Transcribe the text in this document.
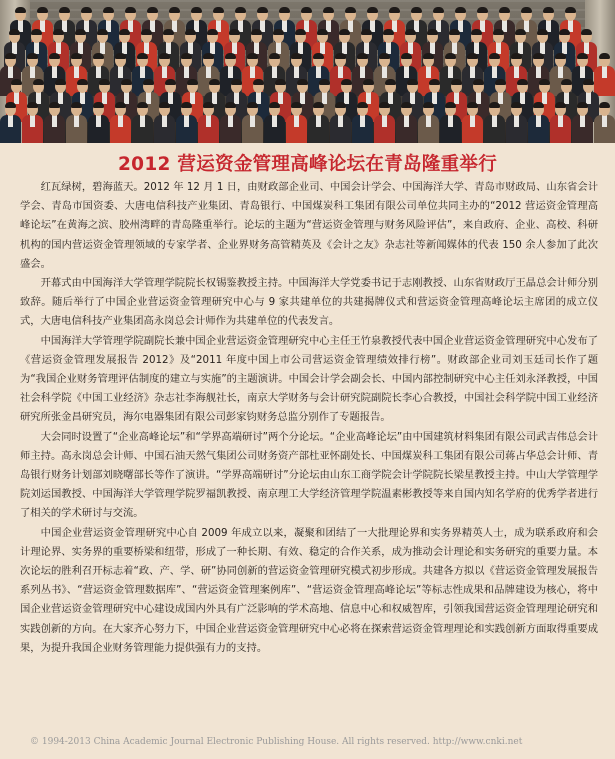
2012 营运资金管理高峰论坛在青岛隆重举行

红瓦绿树，碧海蓝天。2012 年 12 月 1 日，由财政部企业司、中国会计学会、中国海洋大学、青岛市财政局、山东省会计学会、青岛市国资委、大唐电信科技产业集团、青岛银行、中国煤炭科工集团有限公司单位共同主办的“2012 营运资金管理高峰论坛”在黄海之滨、胶州湾畔的青岛隆重举行。论坛的主题为“营运资金管理与财务风险评估”，来自政府、企业、高校、科研机构的国内营运资金管理领域的专家学者、企业界财务高管精英及《会计之友》杂志社等新闻媒体的代表 150 余人参加了此次盛会。

开幕式由中国海洋大学管理学院院长权锡鉴教授主持。中国海洋大学党委书记于志刚教授、山东省财政厅王晶总会计师分别致辞。随后举行了中国企业营运资金管理研究中心与 9 家共建单位的共建揭牌仪式和营运资金管理高峰论坛主席团的成立仪式，大唐电信科技产业集团高永岗总会计师作为共建单位的代表发言。

中国海洋大学管理学院副院长兼中国企业营运资金管理研究中心主任王竹泉教授代表中国企业营运资金管理研究中心发布了《营运资金管理发展报告 2012》及“2011 年度中国上市公司营运资金管理绩效排行榜”。财政部企业司刘玉廷司长作了题为“我国企业财务管理评估制度的建立与实施”的主题演讲。中国会计学会副会长、中国内部控制研究中心主任刘永泽教授，中国社会科学院《中国工业经济》杂志社李海舰社长，南京大学财务与会计研究院副院长李心合教授，中国社会科学院中国工业经济研究所张金昌研究员，海尔电器集团有限公司彭家钧财务总监分别作了专题报告。

大会同时设置了“企业高峰论坛”和“学界高端研讨”两个分论坛。“企业高峰论坛”由中国建筑材料集团有限公司武吉伟总会计师主持。高永岗总会计师、中国石油天然气集团公司财务资产部杜亚怀副处长、中国煤炭科工集团有限公司蒋占华总会计师、青岛银行财务计划部刘晓曙部长等作了演讲。“学界高端研讨”分论坛由山东工商学院会计学院院长梁星教授主持。中山大学管理学院刘运国教授、中国海洋大学管理学院罗福凯教授、南京理工大学经济管理学院温素彬教授等来自国内知名学府的优秀学者进行了相关的学术研讨与交流。

中国企业营运资金管理研究中心自 2009 年成立以来，凝聚和团结了一大批理论界和实务界精英人士，成为联系政府和会计理论界、实务界的重要桥梁和纽带，形成了一种长期、有效、稳定的合作关系，成为推动会计理论和实务研究的重要力量。本次论坛的胜利召开标志着“政、产、学、研”协同创新的营运资金管理研究模式初步形成。共建各方拟以《营运资金管理发展报告系列丛书》、“营运资金管理数据库”、“营运资金管理案例库”、“营运资金管理高峰论坛”等标志性成果和品牌建设为核心，将中国企业营运资金管理研究中心建设成国内外具有广泛影响的学术高地、信息中心和权威智库，引领我国营运资金管理理论研究和实践创新的方向。在大家齐心努力下，中国企业营运资金管理研究中心必将在探索营运资金管理理论和实践创新方面取得重要成果，为提升我国企业财务管理能力提供强有力的支持。

© 1994-2013 China Academic Journal Electronic Publishing House. All rights reserved. http://www.cnki.net
